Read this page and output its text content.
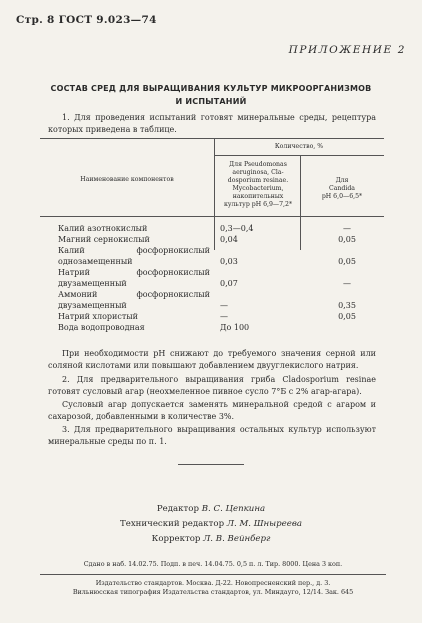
Стр. 8 ГОСТ 9.023—74
ПРИЛОЖЕНИЕ 2
СОСТАВ СРЕД ДЛЯ ВЫРАЩИВАНИЯ КУЛЬТУР МИКРООРГАНИЗМОВ
И ИСПЫТАНИЙ
1. Для проведения испытаний готовят минеральные среды, рецептура которых приведена в таблице.
Наименование компонентов
Количество, %
Для Pseudomonas
aeruginosa, Cla-
dosporium resinae.
Mycobacterium,
накопительных
культур pH 6,9—7,2*
Для
Candida
pH 6,0—6,5*
Калий азотнокислый	0,3—0,4	—
Магний сернокислый	0,04	0,05
Калий фосфорнокислый однозамещенный	0,03	0,05
Натрий фосфорнокислый двузамещенный	0,07	—
Аммоний фосфорнокислый двузамещенный	—	0,35
Натрий хлористый	—	0,05
Вода водопроводная	До 100
При необходимости pH снижают до требуемого значения серной или соляной кислотами или повышают добавлением двууглекислого натрия.
2. Для предварительного выращивания гриба Cladosporium resinae готовят сусловый агар (неохмеленное пивное сусло 7°Б с 2% агар-агара).
Сусловый агар допускается заменять минеральной средой с агаром и сахарозой, добавленными в количестве 3%.
3. Для предварительного выращивания остальных культур используют минеральные среды по п. 1.
Редактор В. С. Цепкина
Технический редактор Л. М. Шныреева
Корректор Л. В. Вейнберг
Сдано в наб. 14.02.75. Подп. в печ. 14.04.75. 0,5 п. л. Тир. 8000. Цена 3 коп.
Издательство стандартов. Москва. Д-22. Новопресненский пер., д. 3.
Вильнюсская типография Издательства стандартов, ул. Миндауго, 12/14. Зак. 645
